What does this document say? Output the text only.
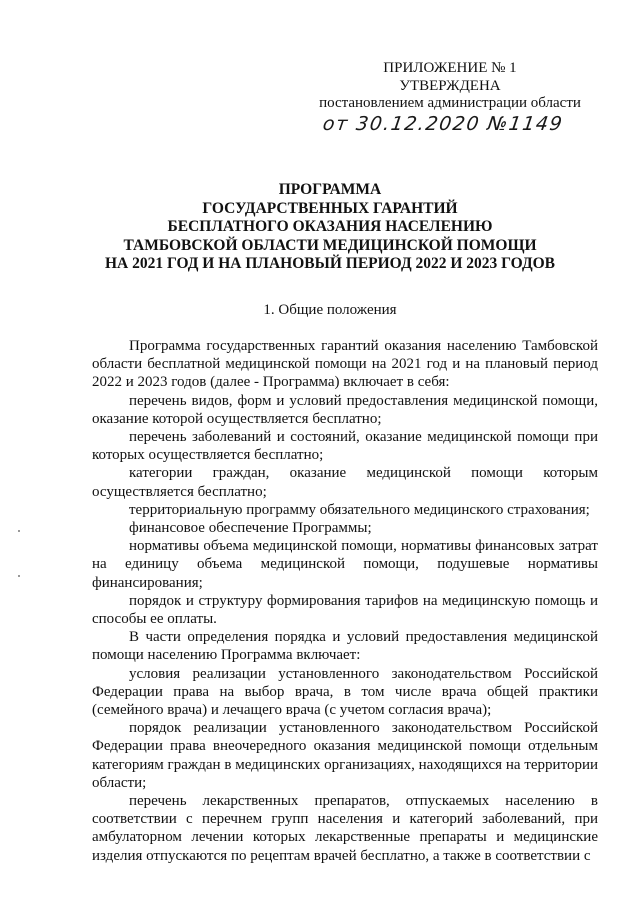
ПРИЛОЖЕНИЕ № 1
УТВЕРЖДЕНА
постановлением администрации области
от 30.12.2020 №1149
ПРОГРАММА
ГОСУДАРСТВЕННЫХ ГАРАНТИЙ
БЕСПЛАТНОГО ОКАЗАНИЯ НАСЕЛЕНИЮ
ТАМБОВСКОЙ ОБЛАСТИ МЕДИЦИНСКОЙ ПОМОЩИ
НА 2021 ГОД И НА ПЛАНОВЫЙ ПЕРИОД 2022 И 2023 ГОДОВ
1. Общие положения

Программа государственных гарантий оказания населению Тамбовской области бесплатной медицинской помощи на 2021 год и на плановый период 2022 и 2023 годов (далее - Программа) включает в себя:

перечень видов, форм и условий предоставления медицинской помощи, оказание которой осуществляется бесплатно;

перечень заболеваний и состояний, оказание медицинской помощи при которых осуществляется бесплатно;

категории граждан, оказание медицинской помощи которым осуществляется бесплатно;

территориальную программу обязательного медицинского страхования;

финансовое обеспечение Программы;

нормативы объема медицинской помощи, нормативы финансовых затрат на единицу объема медицинской помощи, подушевые нормативы финансирования;

порядок и структуру формирования тарифов на медицинскую помощь и способы ее оплаты.

В части определения порядка и условий предоставления медицинской помощи населению Программа включает:

условия реализации установленного законодательством Российской Федерации права на выбор врача, в том числе врача общей практики (семейного врача) и лечащего врача (с учетом согласия врача);

порядок реализации установленного законодательством Российской Федерации права внеочередного оказания медицинской помощи отдельным категориям граждан в медицинских организациях, находящихся на территории области;

перечень лекарственных препаратов, отпускаемых населению в соответствии с перечнем групп населения и категорий заболеваний, при амбулаторном лечении которых лекарственные препараты и медицинские изделия отпускаются по рецептам врачей бесплатно, а также в соответствии с
